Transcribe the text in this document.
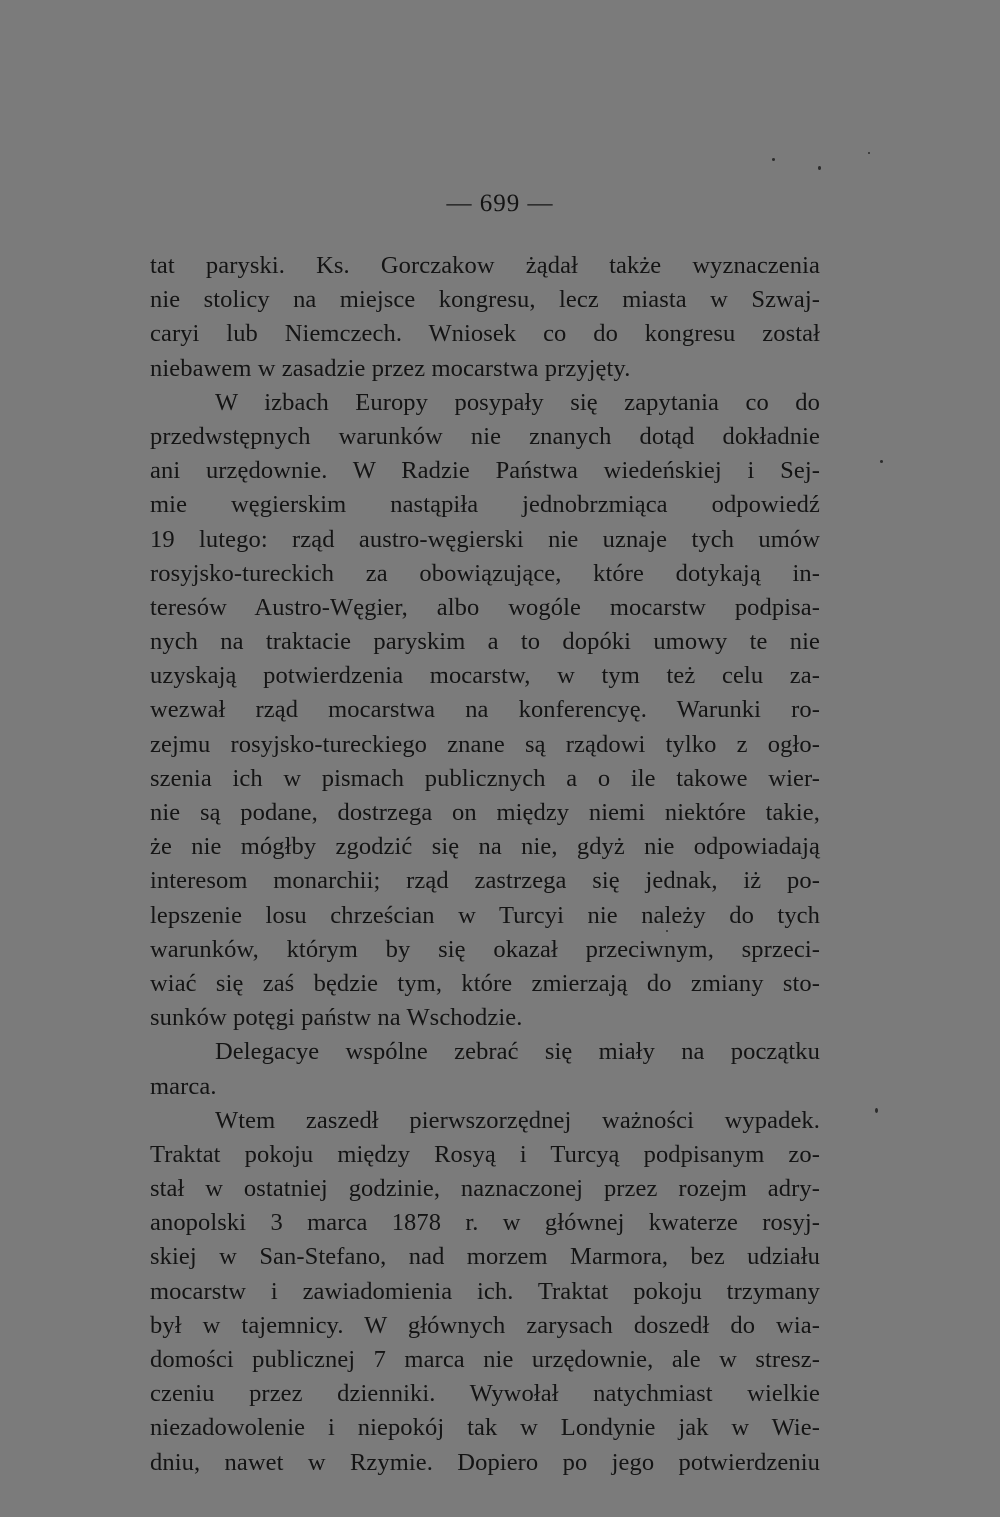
— 699 —
tat paryski. Ks. Gorczakow żądał także wyznaczenia
nie stolicy na miejsce kongresu, lecz miasta w Szwaj-
caryi lub Niemczech. Wniosek co do kongresu został
niebawem w zasadzie przez mocarstwa przyjęty.
W izbach Europy posypały się zapytania co do
przedwstępnych warunków nie znanych dotąd dokładnie
ani urzędownie. W Radzie Państwa wiedeńskiej i Sej-
mie węgierskim nastąpiła jednobrzmiąca odpowiedź
19 lutego: rząd austro-węgierski nie uznaje tych umów
rosyjsko-tureckich za obowiązujące, które dotykają in-
teresów Austro-Węgier, albo wogóle mocarstw podpisa-
nych na traktacie paryskim a to dopóki umowy te nie
uzyskają potwierdzenia mocarstw, w tym też celu za-
wezwał rząd mocarstwa na konferencyę. Warunki ro-
zejmu rosyjsko-tureckiego znane są rządowi tylko z ogło-
szenia ich w pismach publicznych a o ile takowe wier-
nie są podane, dostrzega on między niemi niektóre takie,
że nie mógłby zgodzić się na nie, gdyż nie odpowiadają
interesom monarchii; rząd zastrzega się jednak, iż po-
lepszenie losu chrześcian w Turcyi nie należy do tych
warunków, którym by się okazał przeciwnym, sprzeci-
wiać się zaś będzie tym, które zmierzają do zmiany sto-
sunków potęgi państw na Wschodzie.
Delegacye wspólne zebrać się miały na początku
marca.
Wtem zaszedł pierwszorzędnej ważności wypadek.
Traktat pokoju między Rosyą i Turcyą podpisanym zo-
stał w ostatniej godzinie, naznaczonej przez rozejm adry-
anopolski 3 marca 1878 r. w głównej kwaterze rosyj-
skiej w San-Stefano, nad morzem Marmora, bez udziału
mocarstw i zawiadomienia ich. Traktat pokoju trzymany
był w tajemnicy. W głównych zarysach doszedł do wia-
domości publicznej 7 marca nie urzędownie, ale w stresz-
czeniu przez dzienniki. Wywołał natychmiast wielkie
niezadowolenie i niepokój tak w Londynie jak w Wie-
dniu, nawet w Rzymie. Dopiero po jego potwierdzeniu
